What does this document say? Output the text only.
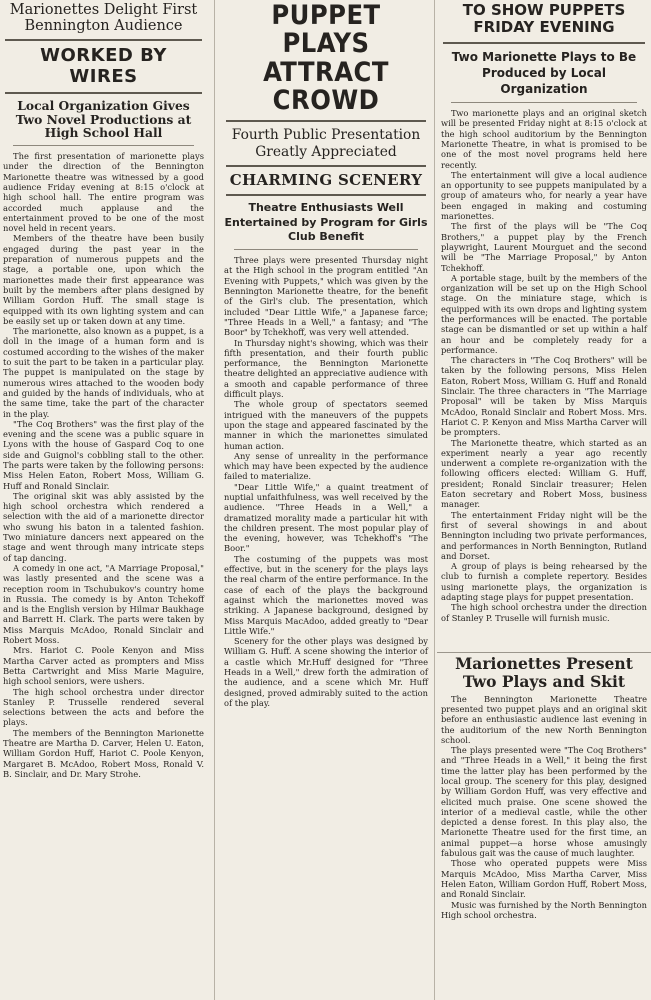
Marionettes Delight First Bennington Audience
WORKED BY WIRES
Local Organization Gives Two Novel Productions at High School Hall

The first presentation of marionette plays under the direction of the Bennington Marionette theatre was witnessed by a good audience Friday evening at 8:15 o'clock at high school hall. The entire program was accorded much applause and the entertainment proved to be one of the most novel held in recent years.

Members of the theatre have been busily engaged during the past year in the preparation of numerous puppets and the stage, a portable one, upon which the marionettes made their first appearance was built by the members after plans designed by William Gordon Huff. The small stage is equipped with its own lighting system and can be easily set up or taken down at any time.

The marionette, also known as a puppet, is a doll in the image of a human form and is costumed according to the wishes of the maker to suit the part to be taken in a particular play. The puppet is manipulated on the stage by numerous wires attached to the wooden body and guided by the hands of individuals, who at the same time, take the part of the character in the play.

"The Coq Brothers" was the first play of the evening and the scene was a public square in Lyons with the house of Gaspard Coq to one side and Guignol's cobbling stall to the other. The parts were taken by the following persons: Miss Helen Eaton, Robert Moss, William G. Huff and Ronald Sinclair.

The original skit was ably assisted by the high school orchestra which rendered a selection with the aid of a marionette director who swung his baton in a talented fashion. Two miniature dancers next appeared on the stage and went through many intricate steps of tap dancing.

A comedy in one act, "A Marriage Proposal," was lastly presented and the scene was a reception room in Tschubukov's country home in Russia. The comedy is by Anton Tchekoff and is the English version by Hilmar Baukhage and Barrett H. Clark. The parts were taken by Miss Marquis McAdoo, Ronald Sinclair and Robert Moss.

Mrs. Hariot C. Poole Kenyon and Miss Martha Carver acted as prompters and Miss Betta Cartwright and Miss Marie Maguire, high school seniors, were ushers.

The high school orchestra under director Stanley P. Trusselle rendered several selections between the acts and before the plays.

The members of the Bennington Marionette Theatre are Martha D. Carver, Helen U. Eaton, William Gordon Huff, Hariot C. Poole Kenyon, Margaret B. McAdoo, Robert Moss, Ronald V. B. Sinclair, and Dr. Mary Strohe.

PUPPET PLAYS ATTRACT CROWD
Fourth Public Presentation Greatly Appreciated
CHARMING SCENERY
Theatre Enthusiasts Well Entertained by Program for Girls Club Benefit

Three plays were presented Thursday night at the High school in the program entitled "An Evening with Puppets," which was given by the Bennington Marionette theatre, for the benefit of the Girl's club. The presentation, which included "Dear Little Wife," a Japanese farce; "Three Heads in a Well," a fantasy; and "The Boor" by Tchekhoff, was very well attended.

In Thursday night's showing, which was their fifth presentation, and their fourth public performance, the Bennington Marionette theatre delighted an appreciative audience with a smooth and capable performance of three difficult plays.

The whole group of spectators seemed intrigued with the maneuvers of the puppets upon the stage and appeared fascinated by the manner in which the marionettes simulated human action.

Any sense of unreality in the performance which may have been expected by the audience failed to materialize.

"Dear Little Wife," a quaint treatment of nuptial unfaithfulness, was well received by the audience. "Three Heads in a Well," a dramatized morality made a particular hit with the children present. The most popular play of the evening, however, was Tchekhoff's "The Boor."

The costuming of the puppets was most effective, but in the scenery for the plays lays the real charm of the entire performance. In the case of each of the plays the background against which the marionettes moved was striking. A Japanese background, designed by Miss Marquis MacAdoo, added greatly to "Dear Little Wife."

Scenery for the other plays was designed by William G. Huff. A scene showing the interior of a castle which Mr.Huff designed for "Three Heads in a Well," drew forth the admiration of the audience, and a scene which Mr. Huff designed, proved admirably suited to the action of the play.

TO SHOW PUPPETS FRIDAY EVENING
Two Marionette Plays to Be Produced by Local Organization

Two marionette plays and an original sketch will be presented Friday night at 8:15 o'clock at the high school auditorium by the Bennington Marionette Theatre, in what is promised to be one of the most novel programs held here recently.

The entertainment will give a local audience an opportunity to see puppets manipulated by a group of amateurs who, for nearly a year have been engaged in making and costuming marionettes.

The first of the plays will be "The Coq Brothers," a puppet play by the French playwright, Laurent Mourguet and the second will be "The Marriage Proposal," by Anton Tchekhoff.

A portable stage, built by the members of the organization will be set up on the High School stage. On the miniature stage, which is equipped with its own drops and lighting system the performances will be enacted. The portable stage can be dismantled or set up within a half an hour and be completely ready for a performance.

The characters in "The Coq Brothers" will be taken by the following persons, Miss Helen Eaton, Robert Moss, William G. Huff and Ronald Sinclair. The three characters in "The Marriage Proposal" will be taken by Miss Marquis McAdoo, Ronald Sinclair and Robert Moss. Mrs. Hariot C. P. Kenyon and Miss Martha Carver will be prompters.

The Marionette theatre, which started as an experiment nearly a year ago recently underwent a complete re-organization with the following officers elected: William G. Huff, president; Ronald Sinclair treasurer; Helen Eaton secretary and Robert Moss, business manager.

The entertainment Friday night will be the first of several showings in and about Bennington including two private performances, and performances in North Bennington, Rutland and Dorset.

A group of plays is being rehearsed by the club to furnish a complete repertory. Besides using marionette plays, the organization is adapting stage plays for puppet presentation.

The high school orchestra under the direction of Stanley P. Truselle will furnish music.

Marionettes Present Two Plays and Skit

The Bennington Marionette Theatre presented two puppet plays and an original skit before an enthusiastic audience last evening in the auditorium of the new North Bennington school.

The plays presented were "The Coq Brothers" and "Three Heads in a Well," it being the first time the latter play has been performed by the local group. The scenery for this play, designed by William Gordon Huff, was very effective and elicited much praise. One scene showed the interior of a medieval castle, while the other depicted a dense forest. In this play also, the Marionette Theatre used for the first time, an animal puppet—a horse whose amusingly fabulous gait was the cause of much laughter.

Those who operated puppets were Miss Marquis McAdoo, Miss Martha Carver, Miss Helen Eaton, William Gordon Huff, Robert Moss, and Ronald Sinclair.

Music was furnished by the North Bennington High school orchestra.
